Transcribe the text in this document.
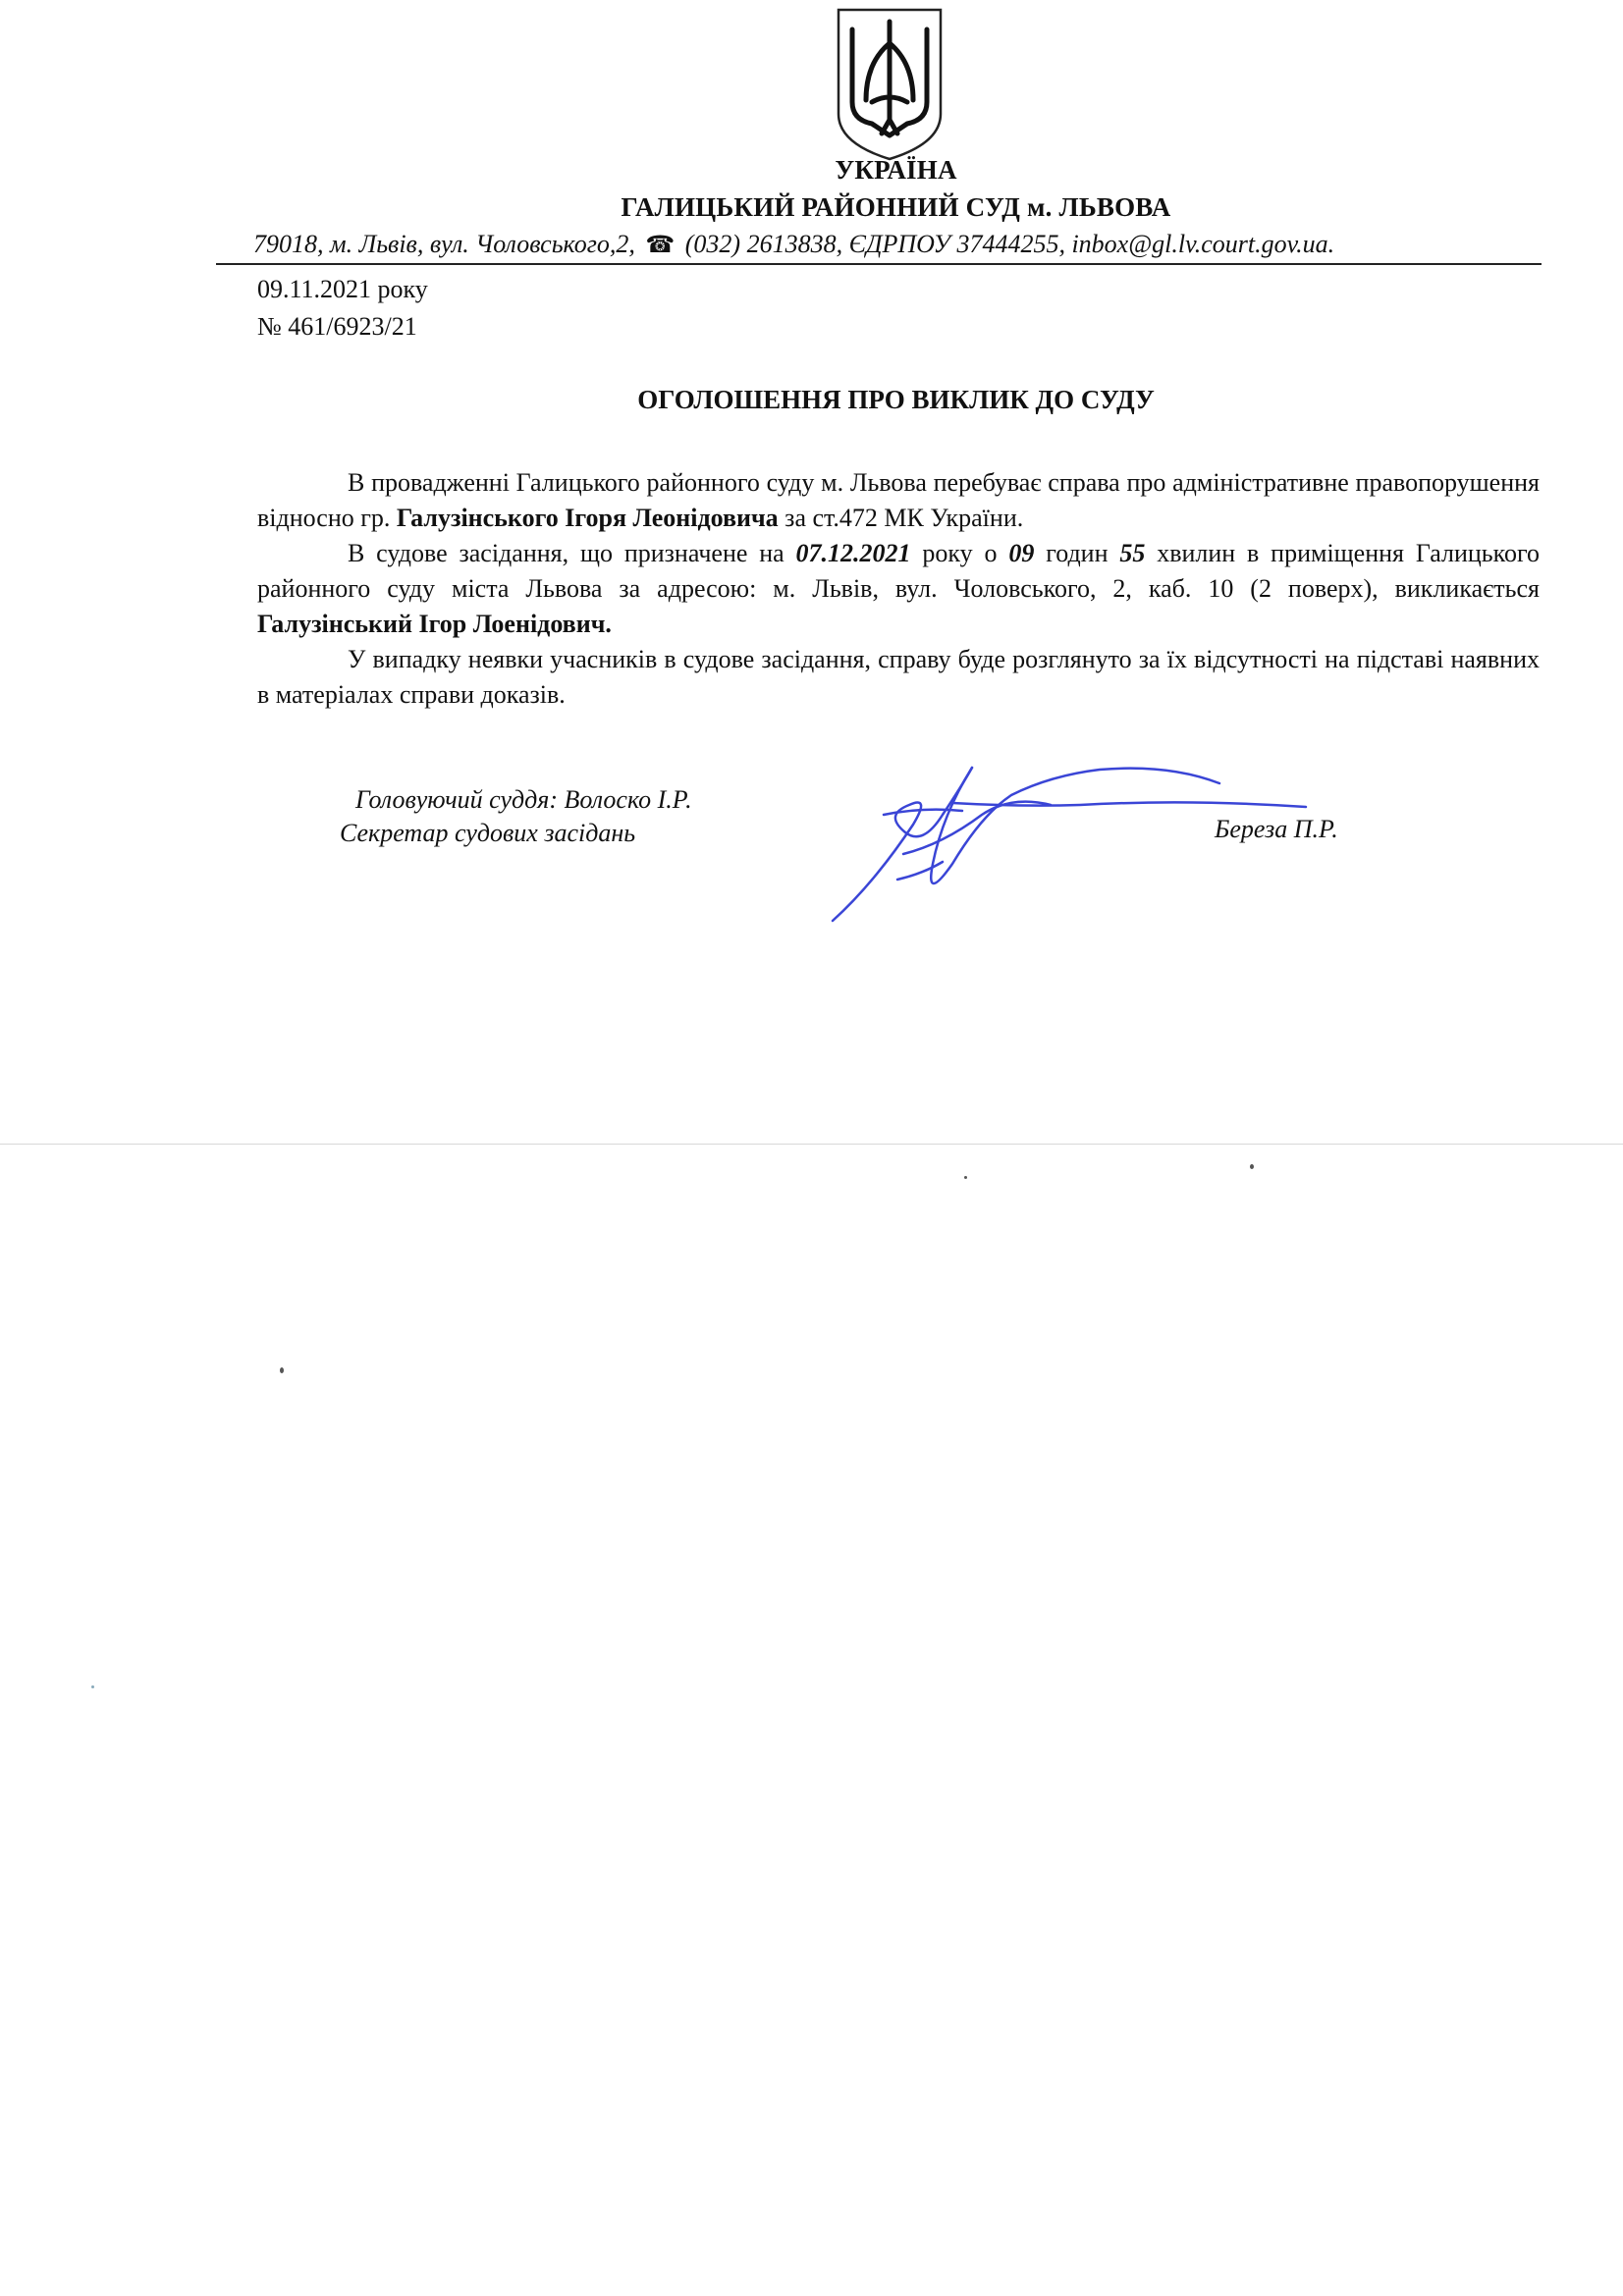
УКРАЇНА
ГАЛИЦЬКИЙ РАЙОННИЙ СУД м. ЛЬВОВА
79018, м. Львів, вул. Чоловського,2, ☎ (032) 2613838, ЄДРПОУ 37444255, inbox@gl.lv.court.gov.ua.
09.11.2021 року
№ 461/6923/21
ОГОЛОШЕННЯ ПРО ВИКЛИК ДО СУДУ

В провадженні Галицького районного суду м. Львова перебуває справа про адміністративне правопорушення відносно гр. Галузінського Ігоря Леонідовича за ст.472 МК України.

В судове засідання, що призначене на 07.12.2021 року о 09 годин 55 хвилин в приміщення Галицького районного суду міста Львова за адресою: м. Львів, вул. Чоловського, 2, каб. 10 (2 поверх), викликається Галузінський Ігор Лоенідович.

У випадку неявки учасників в судове засідання, справу буде розглянуто за їх відсутності на підставі наявних в матеріалах справи доказів.

Головуючий суддя: Волоско І.Р.
Секретар судових засідань	Береза П.Р.
